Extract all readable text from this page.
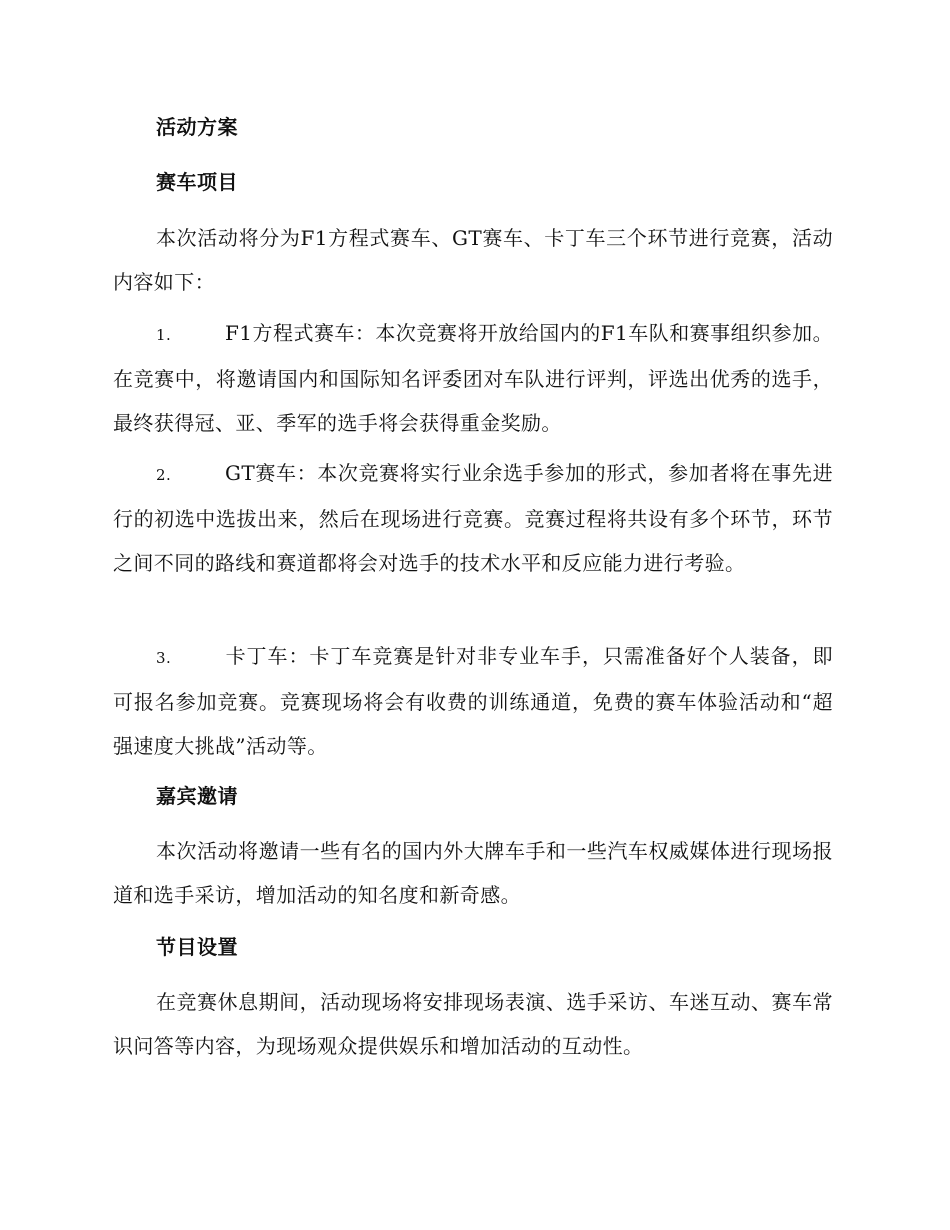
活动方案
赛车项目

本次活动将分为F1方程式赛车、GT赛车、卡丁车三个环节进行竞赛，活动内容如下：

1.	F1方程式赛车：本次竞赛将开放给国内的F1车队和赛事组织参加。在竞赛中，将邀请国内和国际知名评委团对车队进行评判，评选出优秀的选手，最终获得冠、亚、季军的选手将会获得重金奖励。

2.	GT赛车：本次竞赛将实行业余选手参加的形式，参加者将在事先进行的初选中选拔出来，然后在现场进行竞赛。竞赛过程将共设有多个环节，环节之间不同的路线和赛道都将会对选手的技术水平和反应能力进行考验。

3.	卡丁车：卡丁车竞赛是针对非专业车手，只需准备好个人装备，即可报名参加竞赛。竞赛现场将会有收费的训练通道，免费的赛车体验活动和“超强速度大挑战”活动等。

嘉宾邀请

本次活动将邀请一些有名的国内外大牌车手和一些汽车权威媒体进行现场报道和选手采访，增加活动的知名度和新奇感。

节目设置

在竞赛休息期间，活动现场将安排现场表演、选手采访、车迷互动、赛车常识问答等内容，为现场观众提供娱乐和增加活动的互动性。
